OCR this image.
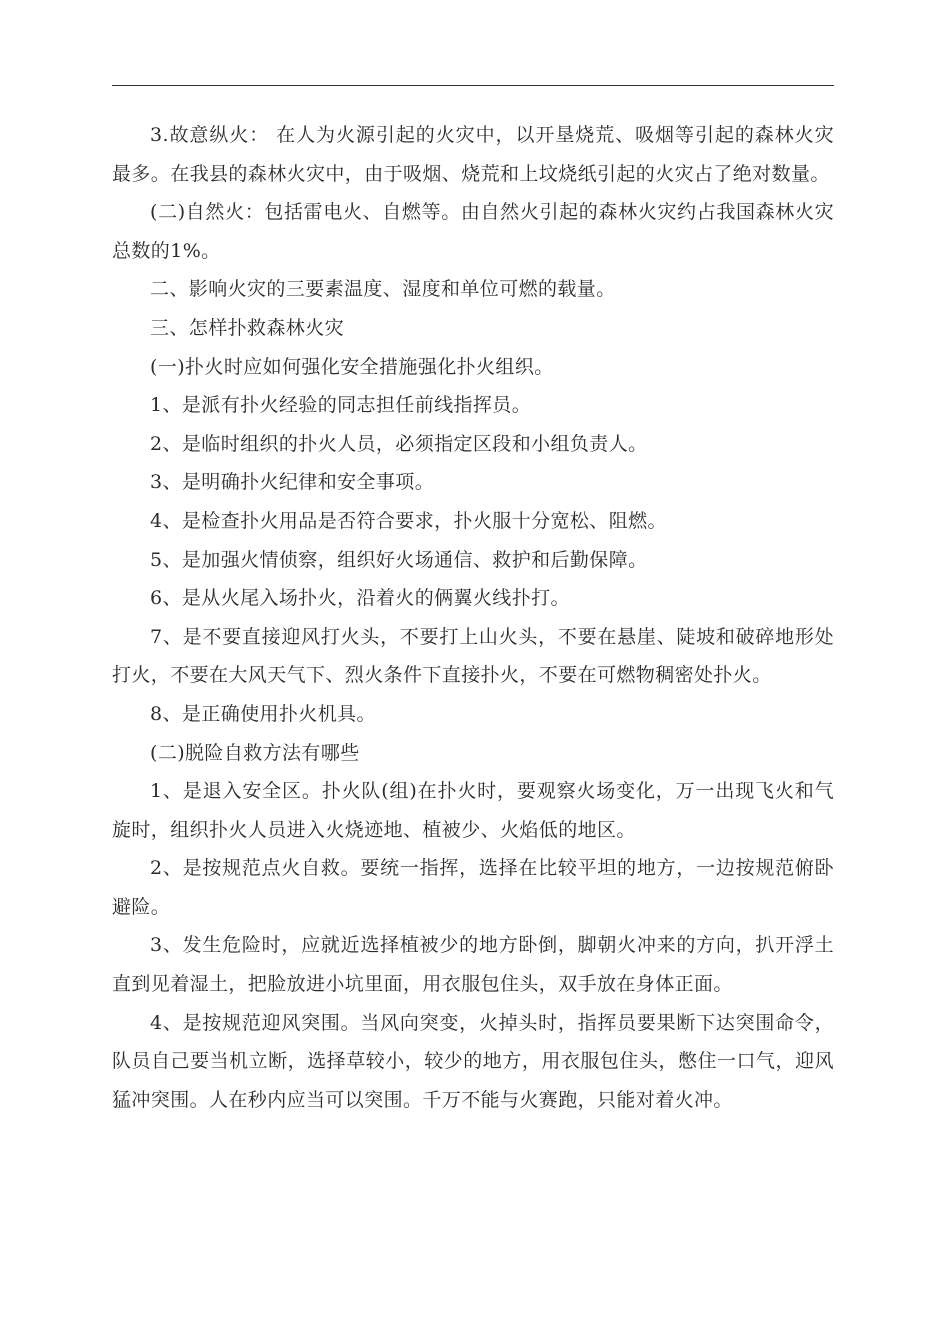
3.故意纵火： 在人为火源引起的火灾中，以开垦烧荒、吸烟等引起的森林火灾最多。在我县的森林火灾中，由于吸烟、烧荒和上坟烧纸引起的火灾占了绝对数量。

(二)自然火：包括雷电火、自燃等。由自然火引起的森林火灾约占我国森林火灾总数的1%。

二、影响火灾的三要素温度、湿度和单位可燃的载量。

三、怎样扑救森林火灾

(一)扑火时应如何强化安全措施强化扑火组织。

1、是派有扑火经验的同志担任前线指挥员。

2、是临时组织的扑火人员，必须指定区段和小组负责人。

3、是明确扑火纪律和安全事项。

4、是检查扑火用品是否符合要求，扑火服十分宽松、阻燃。

5、是加强火情侦察，组织好火场通信、救护和后勤保障。

6、是从火尾入场扑火，沿着火的俩翼火线扑打。

7、是不要直接迎风打火头，不要打上山火头，不要在悬崖、陡坡和破碎地形处打火，不要在大风天气下、烈火条件下直接扑火，不要在可燃物稠密处扑火。

8、是正确使用扑火机具。

(二)脱险自救方法有哪些

1、是退入安全区。扑火队(组)在扑火时，要观察火场变化，万一出现飞火和气旋时，组织扑火人员进入火烧迹地、植被少、火焰低的地区。

2、是按规范点火自救。要统一指挥，选择在比较平坦的地方，一边按规范俯卧避险。

3、发生危险时，应就近选择植被少的地方卧倒，脚朝火冲来的方向，扒开浮土直到见着湿土，把脸放进小坑里面，用衣服包住头，双手放在身体正面。

4、是按规范迎风突围。当风向突变，火掉头时，指挥员要果断下达突围命令，队员自己要当机立断，选择草较小，较少的地方，用衣服包住头，憋住一口气，迎风猛冲突围。人在秒内应当可以突围。千万不能与火赛跑，只能对着火冲。
